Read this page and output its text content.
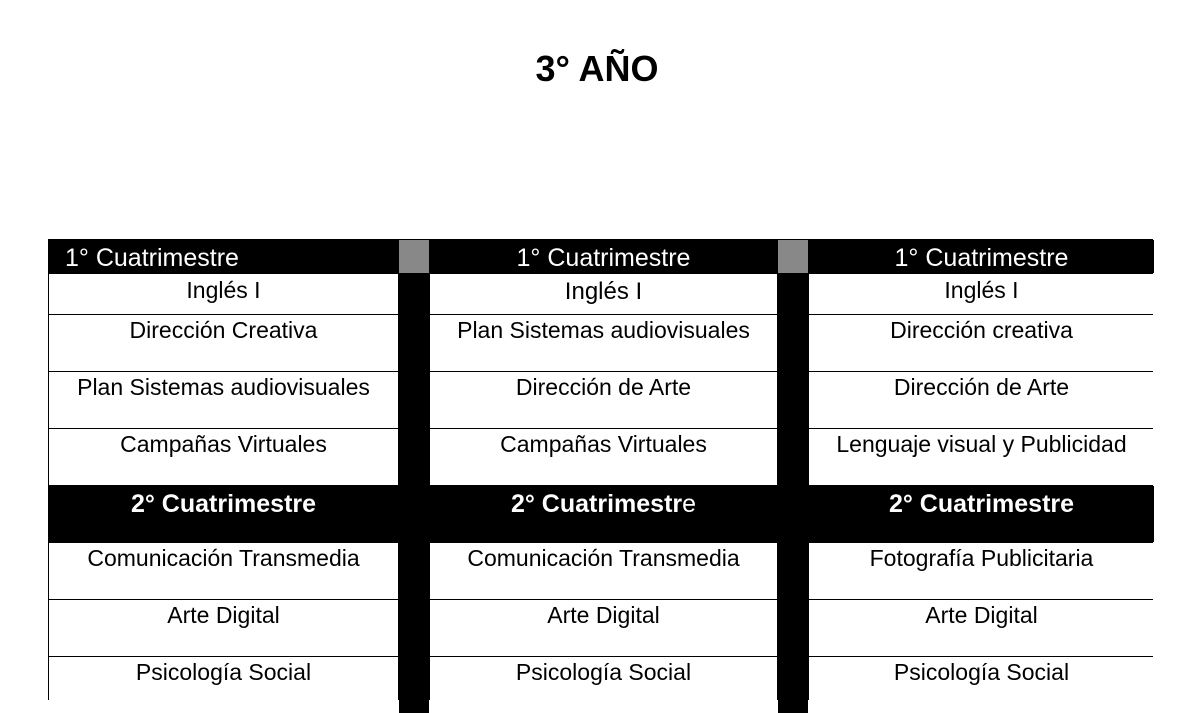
3° AÑO
1° Cuatrimestre	1° Cuatrimestre	1° Cuatrimestre
Inglés I	Inglés I	Inglés I
Dirección Creativa	Plan Sistemas audiovisuales	Dirección creativa
Plan Sistemas audiovisuales	Dirección de Arte	Dirección de Arte
Campañas Virtuales	Campañas Virtuales	Lenguaje visual y Publicidad
2° Cuatrimestre	2° Cuatrimestre	2° Cuatrimestre
Comunicación Transmedia	Comunicación Transmedia	Fotografía Publicitaria
Arte Digital	Arte Digital	Arte Digital
Psicología Social	Psicología Social	Psicología Social
